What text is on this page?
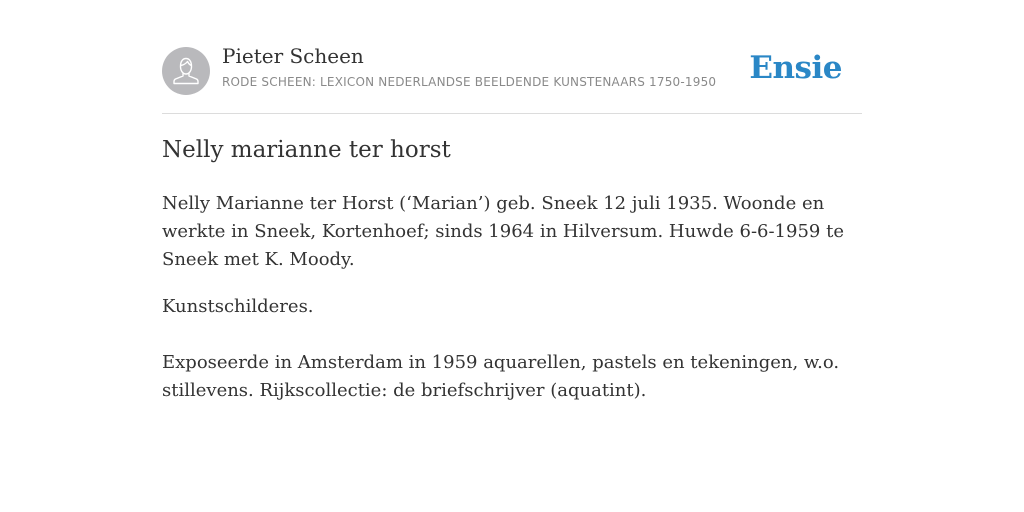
Pieter Scheen
RODE SCHEEN: LEXICON NEDERLANDSE BEELDENDE KUNSTENAARS 1750-1950 Ensie
Nelly marianne ter horst

Nelly Marianne ter Horst (‘Marian’) geb. Sneek 12 juli 1935. Woonde en werkte in Sneek, Kortenhoef; sinds 1964 in Hilversum. Huwde 6-6-1959 te Sneek met K. Moody.

Kunstschilderes.

Exposeerde in Amsterdam in 1959 aquarellen, pastels en tekeningen, w.o. stillevens. Rijkscollectie: de briefschrijver (aquatint).
